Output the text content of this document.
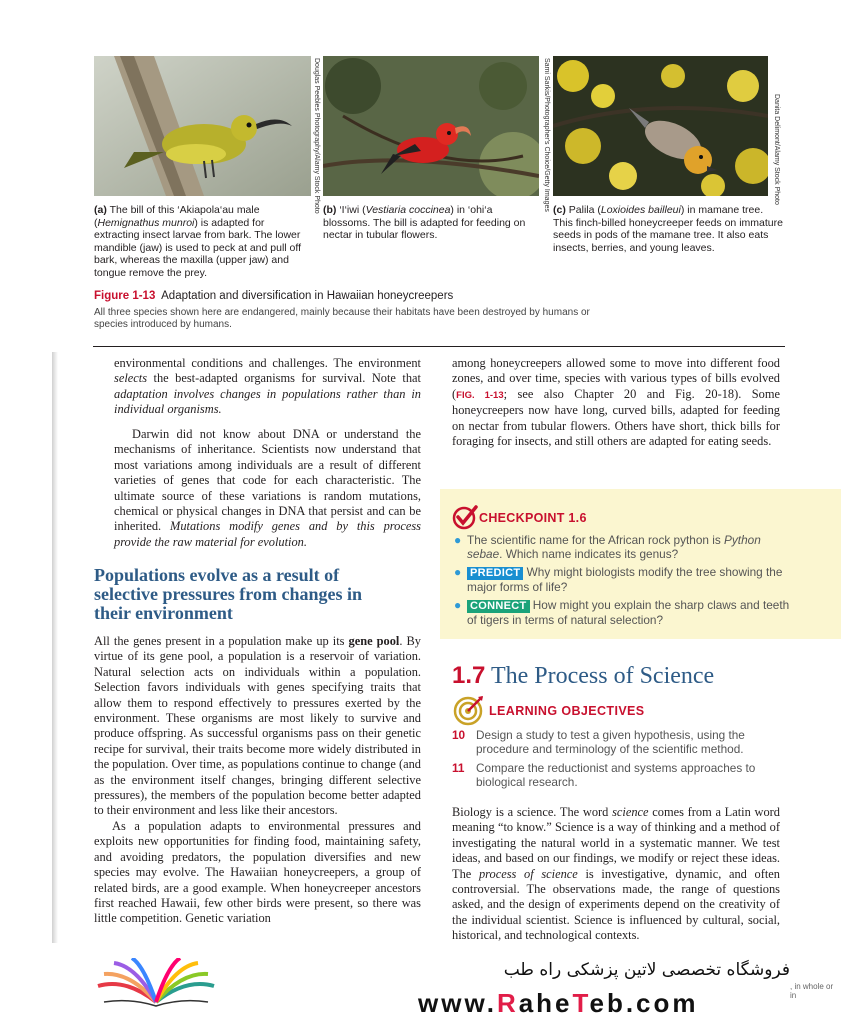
Douglas Peebles Photography/Alamy Stock Photo	Sami Sarkis/Photographer's Choice/Getty Images	Danita Delimont/Alamy Stock Photo
(a) The bill of this ‘Akiapola‘au male (Hemignathus munroi) is adapted for extracting insect larvae from bark. The lower mandible (jaw) is used to peck at and pull off bark, whereas the maxilla (upper jaw) and tongue remove the prey.
(b) ‘I‘iwi (Vestiaria coccinea) in ‘ohi‘a blossoms. The bill is adapted for feeding on nectar in tubular flowers.
(c) Palila (Loxioides bailleui) in mamane tree. This finch-billed honeycreeper feeds on immature seeds in pods of the mamane tree. It also eats insects, berries, and young leaves.
Figure 1-13 Adaptation and diversification in Hawaiian honeycreepers
All three species shown here are endangered, mainly because their habitats have been destroyed by humans or species introduced by humans.

environmental conditions and challenges. The environment selects the best-adapted organisms for survival. Note that adaptation involves changes in populations rather than in individual organisms.

Darwin did not know about DNA or understand the mechanisms of inheritance. Scientists now understand that most variations among individuals are a result of different varieties of genes that code for each characteristic. The ultimate source of these variations is random mutations, chemical or physical changes in DNA that persist and can be inherited. Mutations modify genes and by this process provide the raw material for evolution.

Populations evolve as a result of selective pressures from changes in their environment

All the genes present in a population make up its gene pool. By virtue of its gene pool, a population is a reservoir of variation. Natural selection acts on individuals within a population. Selection favors individuals with genes specifying traits that allow them to respond effectively to pressures exerted by the environment. These organisms are most likely to survive and produce offspring. As successful organisms pass on their genetic recipe for survival, their traits become more widely distributed in the population. Over time, as populations continue to change (and as the environment itself changes, bringing different selective pressures), the members of the population become better adapted to their environment and less like their ancestors.

As a population adapts to environmental pressures and exploits new opportunities for finding food, maintaining safety, and avoiding predators, the population diversifies and new species may evolve. The Hawaiian honeycreepers, a group of related birds, are a good example. When honeycreeper ancestors first reached Hawaii, few other birds were present, so there was little competition. Genetic variation

among honeycreepers allowed some to move into different food zones, and over time, species with various types of bills evolved (FIG. 1-13; see also Chapter 20 and Fig. 20-18). Some honeycreepers now have long, curved bills, adapted for feeding on nectar from tubular flowers. Others have short, thick bills for foraging for insects, and still others are adapted for eating seeds.

CHECKPOINT 1.6
● The scientific name for the African rock python is Python sebae. Which name indicates its genus?
● PREDICT Why might biologists modify the tree showing the major forms of life?
● CONNECT How might you explain the sharp claws and teeth of tigers in terms of natural selection?
1.7 The Process of Science
LEARNING OBJECTIVES
10 Design a study to test a given hypothesis, using the procedure and terminology of the scientific method.
11 Compare the reductionist and systems approaches to biological research.

Biology is a science. The word science comes from a Latin word meaning “to know.” Science is a way of thinking and a method of investigating the natural world in a systematic manner. We test ideas, and based on our findings, we modify or reject these ideas. The process of science is investigative, dynamic, and often controversial. The observations made, the range of questions asked, and the design of experiments depend on the creativity of the individual scientist. Science is influenced by cultural, social, historical, and technological contexts.

فروشگاه تخصصی لاتین پزشکی راه طب
www.RaheTeb.com
, in whole or in
